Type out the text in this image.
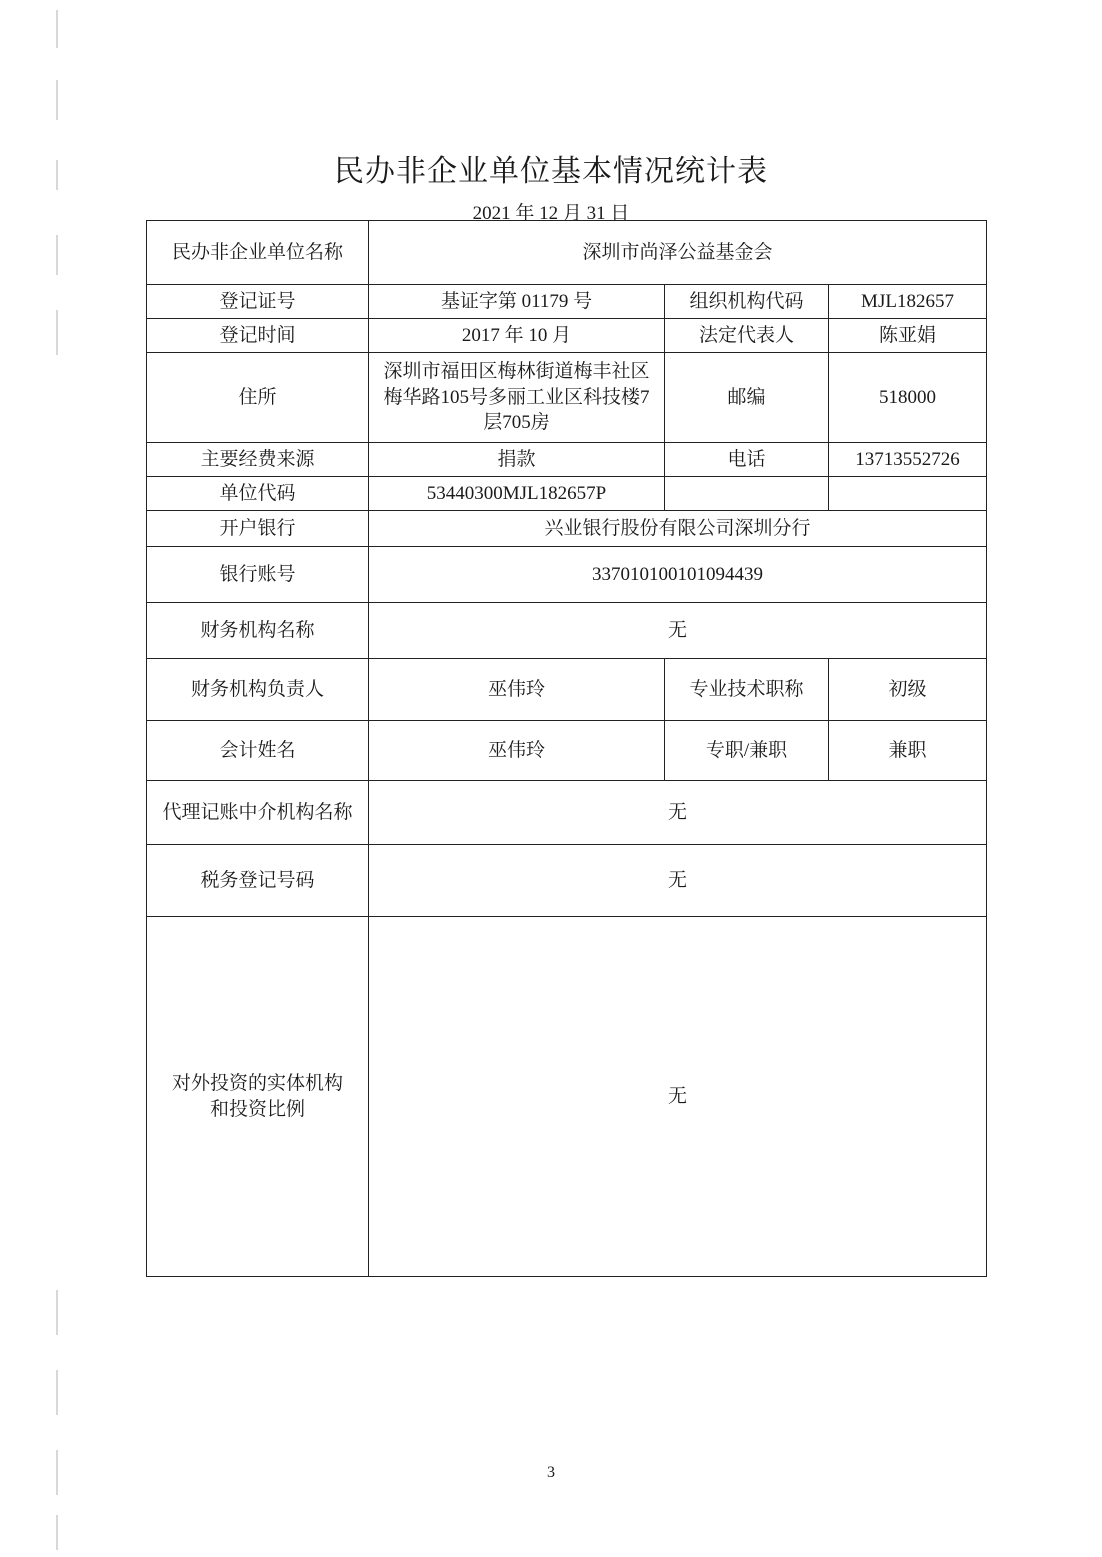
民办非企业单位基本情况统计表
2021 年 12 月 31 日
民办非企业单位名称	深圳市尚泽公益基金会		
登记证号	基证字第 01179 号	组织机构代码	MJL182657
登记时间	2017 年 10 月	法定代表人	陈亚娟
住所	深圳市福田区梅林街道梅丰社区梅华路105号多丽工业区科技楼7层705房	邮编	518000
主要经费来源	捐款	电话	13713552726
单位代码	53440300MJL182657P		
开户银行	兴业银行股份有限公司深圳分行		
银行账号	337010100101094439		
财务机构名称	无		
财务机构负责人	巫伟玲	专业技术职称	初级
会计姓名	巫伟玲	专职/兼职	兼职
代理记账中介机构名称	无		
税务登记号码	无		
对外投资的实体机构和投资比例	无		
3
